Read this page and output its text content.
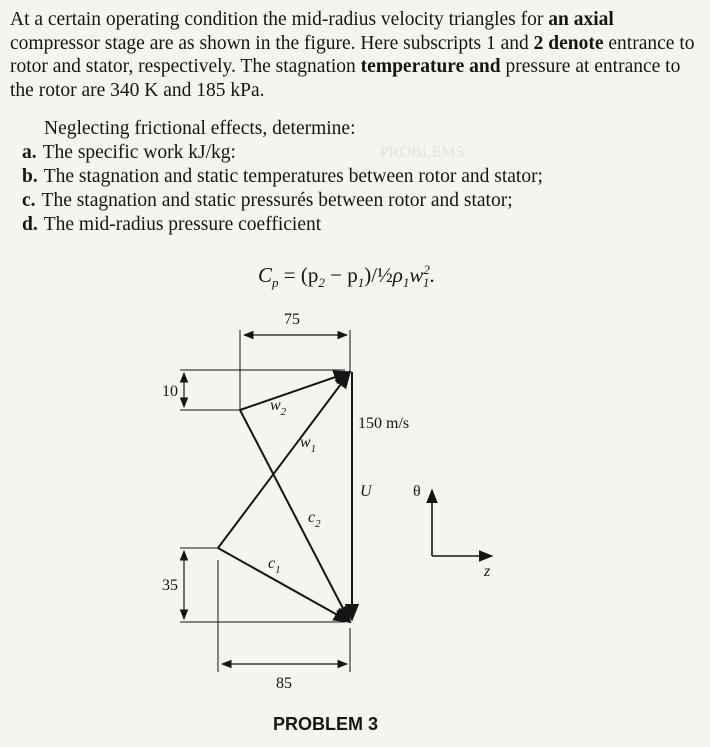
PROBLEMS
At a certain operating condition the mid-radius velocity triangles for an axial compressor stage are as shown in the figure. Here subscripts 1 and 2 denote entrance to rotor and stator, respectively. The stagnation temperature and pressure at entrance to the rotor are 340 K and 185 kPa.
Neglecting frictional effects, determine:
a. The specific work kJ/kg:
b. The stagnation and static temperatures between rotor and stator;
c. The stagnation and static pressurés between rotor and stator;
d. The mid-radius pressure coefficient
$C_p = (p_2$ − $p_1)/\frac{1}{2}\rho_1w^2_1$.
75
10
35
85
150 m/s
$w_2$
$w_1$
$c_2$
$c_1$
U	θ
z
PROBLEM 3
